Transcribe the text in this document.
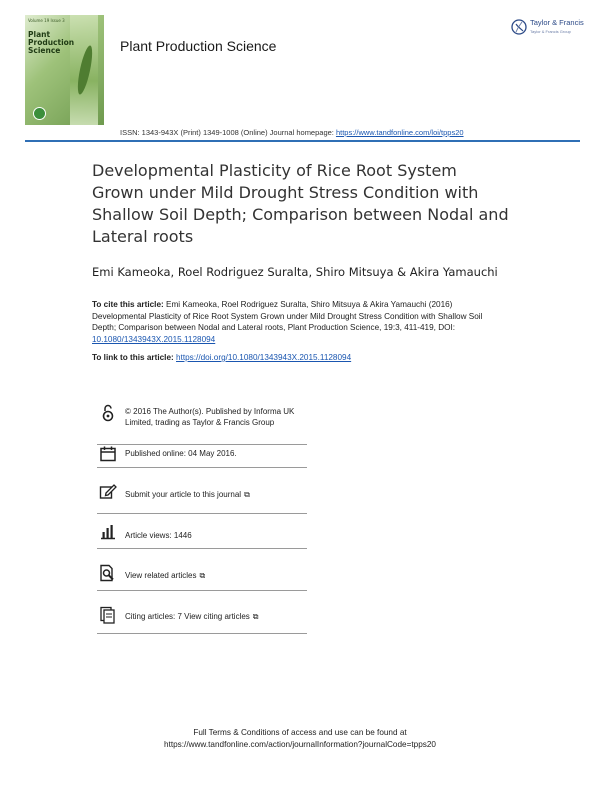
Volume 19 Issue 3
Plant
Production
Science	Plant Production Science
Taylor & Francis
Taylor & Francis Group
ISSN: 1343-943X (Print) 1349-1008 (Online) Journal homepage: https://www.tandfonline.com/loi/tpps20
Developmental Plasticity of Rice Root System Grown under Mild Drought Stress Condition with Shallow Soil Depth; Comparison between Nodal and Lateral roots
Emi Kameoka, Roel Rodriguez Suralta, Shiro Mitsuya & Akira Yamauchi
To cite this article: Emi Kameoka, Roel Rodriguez Suralta, Shiro Mitsuya & Akira Yamauchi (2016) Developmental Plasticity of Rice Root System Grown under Mild Drought Stress Condition with Shallow Soil Depth; Comparison between Nodal and Lateral roots, Plant Production Science, 19:3, 411-419, DOI: 10.1080/1343943X.2015.1128094
To link to this article: https://doi.org/10.1080/1343943X.2015.1128094
© 2016 The Author(s). Published by Informa UK Limited, trading as Taylor & Francis Group
Published online: 04 May 2016.
Submit your article to this journal ⧉
Article views: 1446
View related articles ⧉
Citing articles: 7 View citing articles ⧉
Full Terms & Conditions of access and use can be found at
https://www.tandfonline.com/action/journalInformation?journalCode=tpps20
